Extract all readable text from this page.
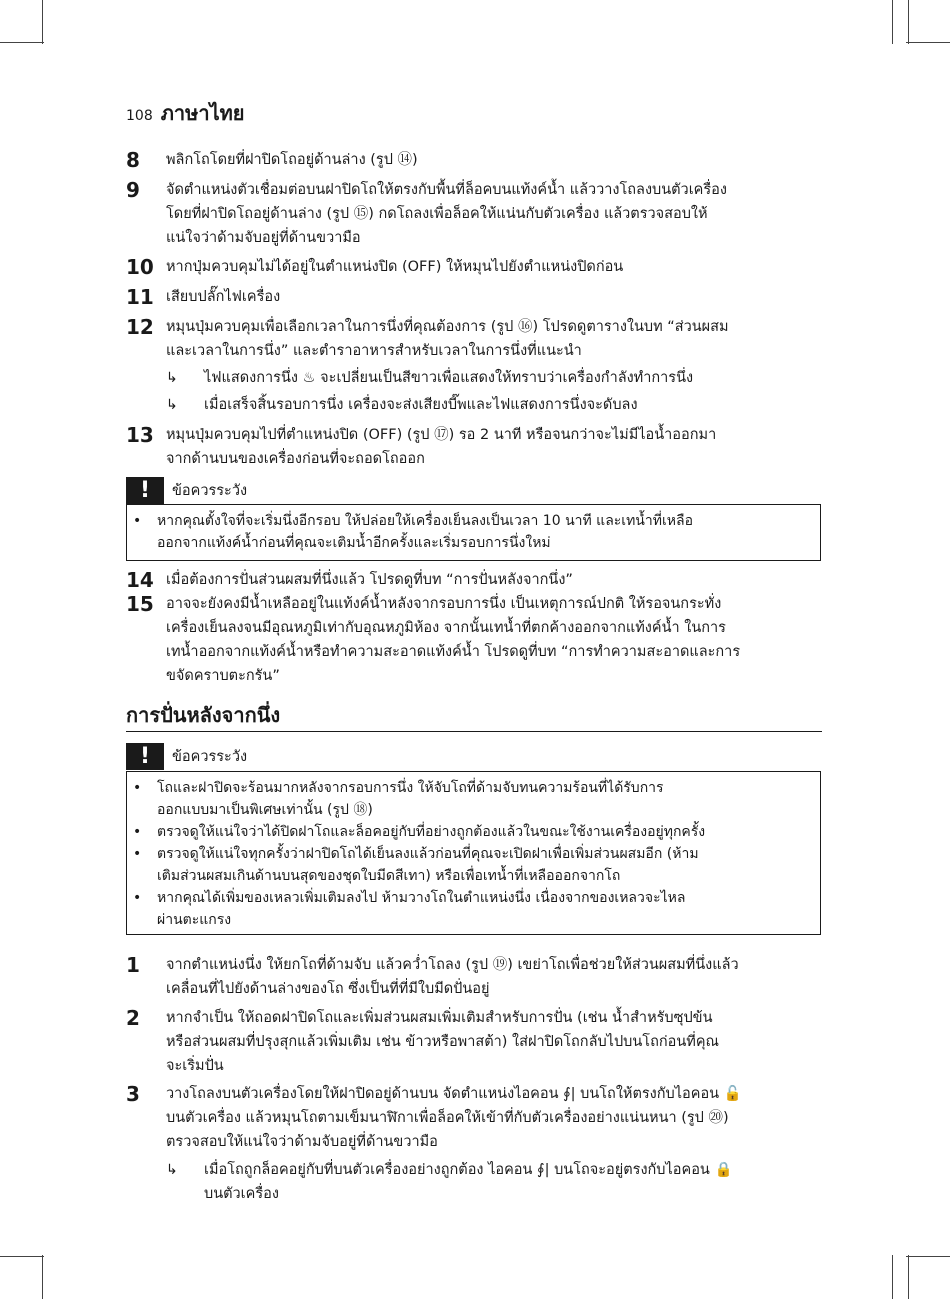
108 ภาษาไทย
8	พลิกโถโดยที่ฝาปิดโถอยู่ด้านล่าง (รูป ⑭)
9	จัดตำแหน่งตัวเชื่อมต่อบนฝาปิดโถให้ตรงกับพื้นที่ล็อคบนแท้งค์น้ำ แล้ววางโถลงบนตัวเครื่อง
โดยที่ฝาปิดโถอยู่ด้านล่าง (รูป ⑮) กดโถลงเพื่อล็อคให้แน่นกับตัวเครื่อง แล้วตรวจสอบให้
แน่ใจว่าด้ามจับอยู่ที่ด้านขวามือ
10 หากปุ่มควบคุมไม่ได้อยู่ในตำแหน่งปิด (OFF) ให้หมุนไปยังตำแหน่งปิดก่อน
11 เสียบปลั๊กไฟเครื่อง
12 หมุนปุ่มควบคุมเพื่อเลือกเวลาในการนึ่งที่คุณต้องการ (รูป ⑯) โปรดดูตารางในบท “ส่วนผสม
และเวลาในการนึ่ง” และตำราอาหารสำหรับเวลาในการนึ่งที่แนะนำ
↳	ไฟแสดงการนึ่ง ♨ จะเปลี่ยนเป็นสีขาวเพื่อแสดงให้ทราบว่าเครื่องกำลังทำการนึ่ง
↳	เมื่อเสร็จสิ้นรอบการนึ่ง เครื่องจะส่งเสียงบี๊พและไฟแสดงการนึ่งจะดับลง
13 หมุนปุ่มควบคุมไปที่ตำแหน่งปิด (OFF) (รูป ⑰) รอ 2 นาที หรือจนกว่าจะไม่มีไอน้ำออกมา
จากด้านบนของเครื่องก่อนที่จะถอดโถออก
!	ข้อควรระวัง
•	หากคุณตั้งใจที่จะเริ่มนึ่งอีกรอบ ให้ปล่อยให้เครื่องเย็นลงเป็นเวลา 10 นาที และเทน้ำที่เหลือ
ออกจากแท้งค์น้ำก่อนที่คุณจะเติมน้ำอีกครั้งและเริ่มรอบการนึ่งใหม่
14 เมื่อต้องการปั่นส่วนผสมที่นึ่งแล้ว โปรดดูที่บท “การปั่นหลังจากนึ่ง”
15 อาจจะยังคงมีน้ำเหลืออยู่ในแท้งค์น้ำหลังจากรอบการนึ่ง เป็นเหตุการณ์ปกติ ให้รอจนกระทั่ง
เครื่องเย็นลงจนมีอุณหภูมิเท่ากับอุณหภูมิห้อง จากนั้นเทน้ำที่ตกค้างออกจากแท้งค์น้ำ ในการ
เทน้ำออกจากแท้งค์น้ำหรือทำความสะอาดแท้งค์น้ำ โปรดดูที่บท “การทำความสะอาดและการ
ขจัดคราบตะกรัน”
การปั่นหลังจากนึ่ง
!	ข้อควรระวัง
•	โถและฝาปิดจะร้อนมากหลังจากรอบการนึ่ง ให้จับโถที่ด้ามจับทนความร้อนที่ได้รับการ
ออกแบบมาเป็นพิเศษเท่านั้น (รูป ⑱)
•	ตรวจดูให้แน่ใจว่าได้ปิดฝาโถและล็อคอยู่กับที่อย่างถูกต้องแล้วในขณะใช้งานเครื่องอยู่ทุกครั้ง
•	ตรวจดูให้แน่ใจทุกครั้งว่าฝาปิดโถได้เย็นลงแล้วก่อนที่คุณจะเปิดฝาเพื่อเพิ่มส่วนผสมอีก (ห้าม
เติมส่วนผสมเกินด้านบนสุดของชุดใบมีดสีเทา) หรือเพื่อเทน้ำที่เหลือออกจากโถ
•	หากคุณได้เพิ่มของเหลวเพิ่มเติมลงไป ห้ามวางโถในตำแหน่งนึ่ง เนื่องจากของเหลวจะไหล
ผ่านตะแกรง
1	จากตำแหน่งนึ่ง ให้ยกโถที่ด้ามจับ แล้วคว่ำโถลง (รูป ⑲) เขย่าโถเพื่อช่วยให้ส่วนผสมที่นึ่งแล้ว
เคลื่อนที่ไปยังด้านล่างของโถ ซึ่งเป็นที่ที่มีใบมีดปั่นอยู่
2	หากจำเป็น ให้ถอดฝาปิดโถและเพิ่มส่วนผสมเพิ่มเติมสำหรับการปั่น (เช่น น้ำสำหรับซุปข้น
หรือส่วนผสมที่ปรุงสุกแล้วเพิ่มเติม เช่น ข้าวหรือพาสต้า) ใส่ฝาปิดโถกลับไปบนโถก่อนที่คุณ
จะเริ่มปั่น
3	วางโถลงบนตัวเครื่องโดยให้ฝาปิดอยู่ด้านบน จัดตำแหน่งไอคอน ∮| บนโถให้ตรงกับไอคอน 🔓
บนตัวเครื่อง แล้วหมุนโถตามเข็มนาฬิกาเพื่อล็อคให้เข้าที่กับตัวเครื่องอย่างแน่นหนา (รูป ⑳)
ตรวจสอบให้แน่ใจว่าด้ามจับอยู่ที่ด้านขวามือ
↳	เมื่อโถถูกล็อคอยู่กับที่บนตัวเครื่องอย่างถูกต้อง ไอคอน ∮| บนโถจะอยู่ตรงกับไอคอน 🔒
บนตัวเครื่อง
